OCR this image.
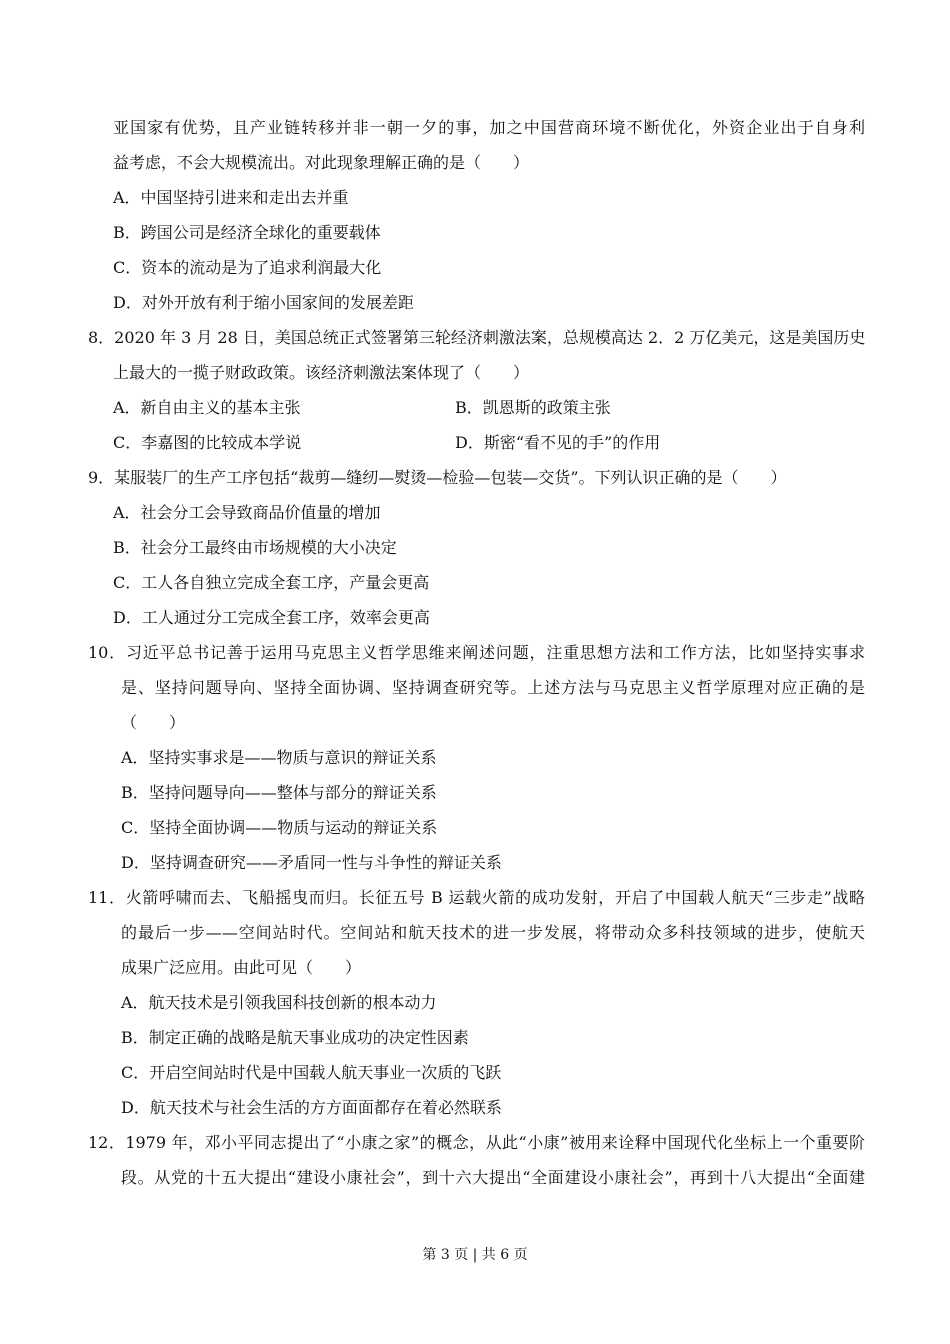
亚国家有优势，且产业链转移并非一朝一夕的事，加之中国营商环境不断优化，外资企业出于自身利
益考虑，不会大规模流出。对此现象理解正确的是（　　）
A．中国坚持引进来和走出去并重
B．跨国公司是经济全球化的重要载体
C．资本的流动是为了追求利润最大化
D．对外开放有利于缩小国家间的发展差距
8．2020 年 3 月 28 日，美国总统正式签署第三轮经济刺激法案，总规模高达 2．2 万亿美元，这是美国历史
上最大的一揽子财政政策。该经济刺激法案体现了（　　）
A．新自由主义的基本主张	B．凯恩斯的政策主张
C．李嘉图的比较成本学说	D．斯密“看不见的手”的作用
9．某服装厂的生产工序包括“裁剪—缝纫—熨烫—检验—包装—交货”。下列认识正确的是（　　）
A．社会分工会导致商品价值量的增加
B．社会分工最终由市场规模的大小决定
C．工人各自独立完成全套工序，产量会更高
D．工人通过分工完成全套工序，效率会更高
10．习近平总书记善于运用马克思主义哲学思维来阐述问题，注重思想方法和工作方法，比如坚持实事求
是、坚持问题导向、坚持全面协调、坚持调查研究等。上述方法与马克思主义哲学原理对应正确的是
（　　）
A．坚持实事求是——物质与意识的辩证关系
B．坚持问题导向——整体与部分的辩证关系
C．坚持全面协调——物质与运动的辩证关系
D．坚持调查研究——矛盾同一性与斗争性的辩证关系
11．火箭呼啸而去、飞船摇曳而归。长征五号 B 运载火箭的成功发射，开启了中国载人航天“三步走”战略
的最后一步——空间站时代。空间站和航天技术的进一步发展，将带动众多科技领域的进步，使航天
成果广泛应用。由此可见（　　）
A．航天技术是引领我国科技创新的根本动力
B．制定正确的战略是航天事业成功的决定性因素
C．开启空间站时代是中国载人航天事业一次质的飞跃
D．航天技术与社会生活的方方面面都存在着必然联系
12．1979 年，邓小平同志提出了“小康之家”的概念，从此“小康”被用来诠释中国现代化坐标上一个重要阶
段。从党的十五大提出“建设小康社会”，到十六大提出“全面建设小康社会”，再到十八大提出“全面建
第 3 页 | 共 6 页
